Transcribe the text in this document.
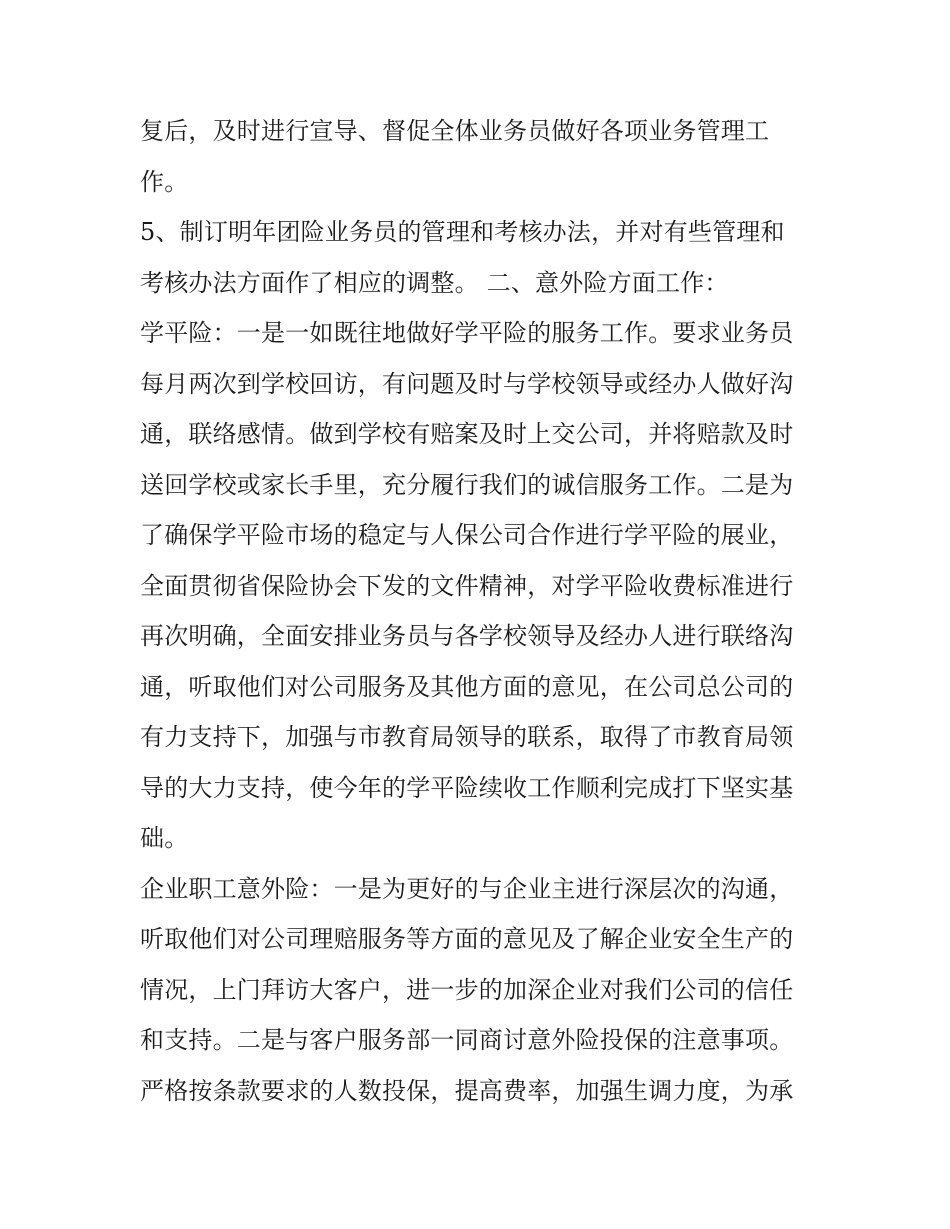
复后，及时进行宣导、督促全体业务员做好各项业务管理工
作。
5、制订明年团险业务员的管理和考核办法，并对有些管理和
考核办法方面作了相应的调整。 二、意外险方面工作：
学平险：一是一如既往地做好学平险的服务工作。要求业务员
每月两次到学校回访，有问题及时与学校领导或经办人做好沟
通，联络感情。做到学校有赔案及时上交公司，并将赔款及时
送回学校或家长手里，充分履行我们的诚信服务工作。二是为
了确保学平险市场的稳定与人保公司合作进行学平险的展业，
全面贯彻省保险协会下发的文件精神，对学平险收费标准进行
再次明确，全面安排业务员与各学校领导及经办人进行联络沟
通，听取他们对公司服务及其他方面的意见，在公司总公司的
有力支持下，加强与市教育局领导的联系，取得了市教育局领
导的大力支持，使今年的学平险续收工作顺利完成打下坚实基
础。
企业职工意外险：一是为更好的与企业主进行深层次的沟通，
听取他们对公司理赔服务等方面的意见及了解企业安全生产的
情况，上门拜访大客户，进一步的加深企业对我们公司的信任
和支持。二是与客户服务部一同商讨意外险投保的注意事项。
严格按条款要求的人数投保，提高费率，加强生调力度，为承
